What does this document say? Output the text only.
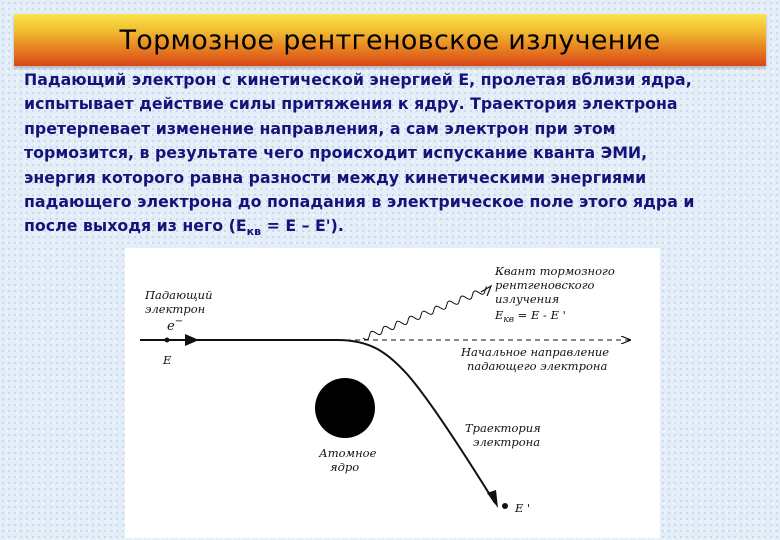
Тормозное рентгеновское излучение
Падающий электрон с кинетической энергией Е, пролетая вблизи ядра,
испытывает действие силы притяжения к ядру. Траектория электрона
претерпевает изменение направления, а сам электрон при этом
тормозится, в результате чего происходит испускание кванта ЭМИ,
энергия которого равна разности между кинетическими энергиями
падающего электрона до попадания в электрическое поле этого ядра и
после выходя из него $(Е_{кв} = Е - Е')$.
Падающий
электрон
e−
E
Квант тормозного
рентгеновского
излучения
$E_{кв} = E - E$ '
Начальное направление
падающего электрона
Атомное
ядро
Траектория
электрона
E '
